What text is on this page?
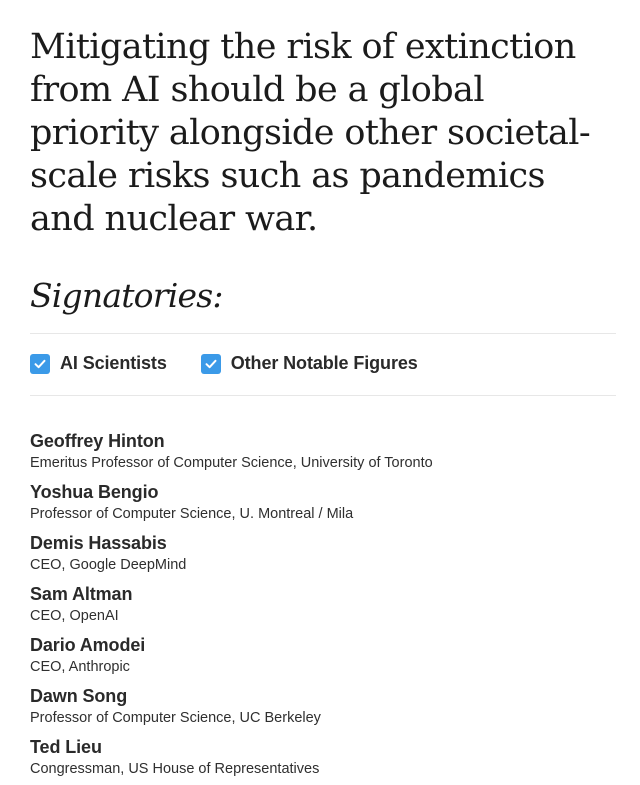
Mitigating the risk of extinction from AI should be a global priority alongside other societal-scale risks such as pandemics and nuclear war.
Signatories:
AI Scientists	Other Notable Figures
Geoffrey Hinton
Emeritus Professor of Computer Science, University of Toronto
Yoshua Bengio
Professor of Computer Science, U. Montreal / Mila
Demis Hassabis
CEO, Google DeepMind
Sam Altman
CEO, OpenAI
Dario Amodei
CEO, Anthropic
Dawn Song
Professor of Computer Science, UC Berkeley
Ted Lieu
Congressman, US House of Representatives
